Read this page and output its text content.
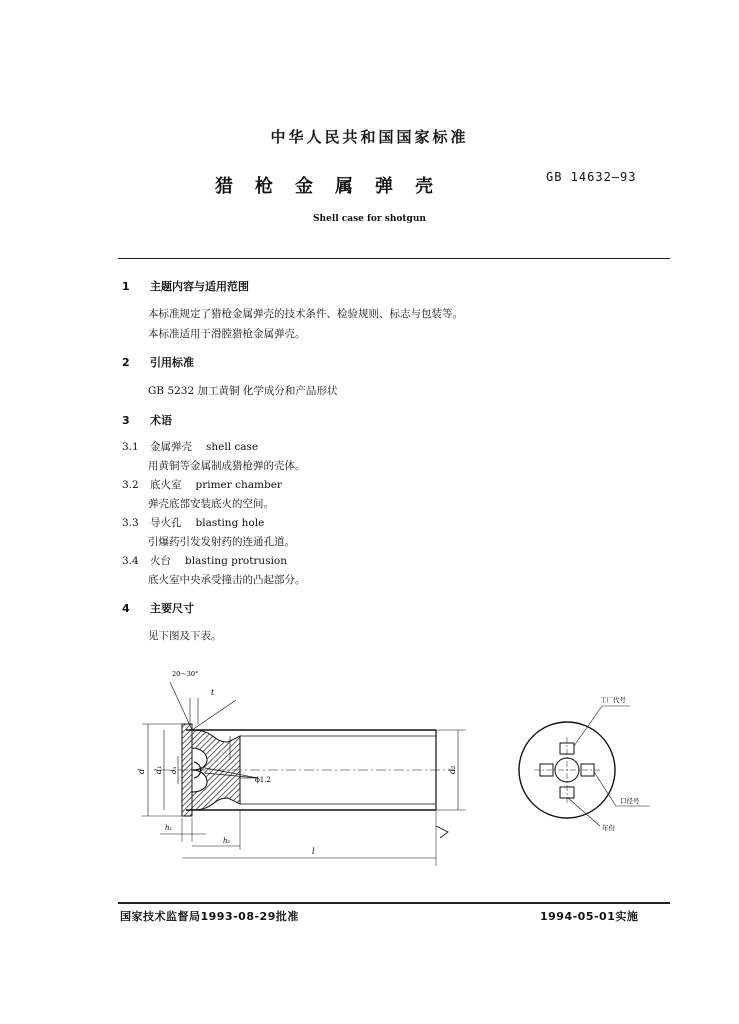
中华人民共和国国家标准
猎枪金属弹壳	GB 14632—93
Shell case for shotgun
1 主题内容与适用范围
本标准规定了猎枪金属弹壳的技术条件、检验规则、标志与包装等。
本标准适用于滑膛猎枪金属弹壳。
2 引用标准
GB 5232 加工黄铜 化学成分和产品形状
3 术语
3.1 金属弹壳 shell case
用黄铜等金属制成猎枪弹的壳体。
3.2 底火室 primer chamber
弹壳底部安装底火的空间。
3.3 导火孔 blasting hole
引爆药引发发射药的连通孔道。
3.4 火台 blasting protrusion
底火室中央承受撞击的凸起部分。
4 主要尺寸
见下图及下表。
20～30°
t
d d₁ d₃	d₂
ϕ1.2
h₁
h₂
l
工厂代号
口径号
年份
国家技术监督局1993-08-29批准	1994-05-01实施
